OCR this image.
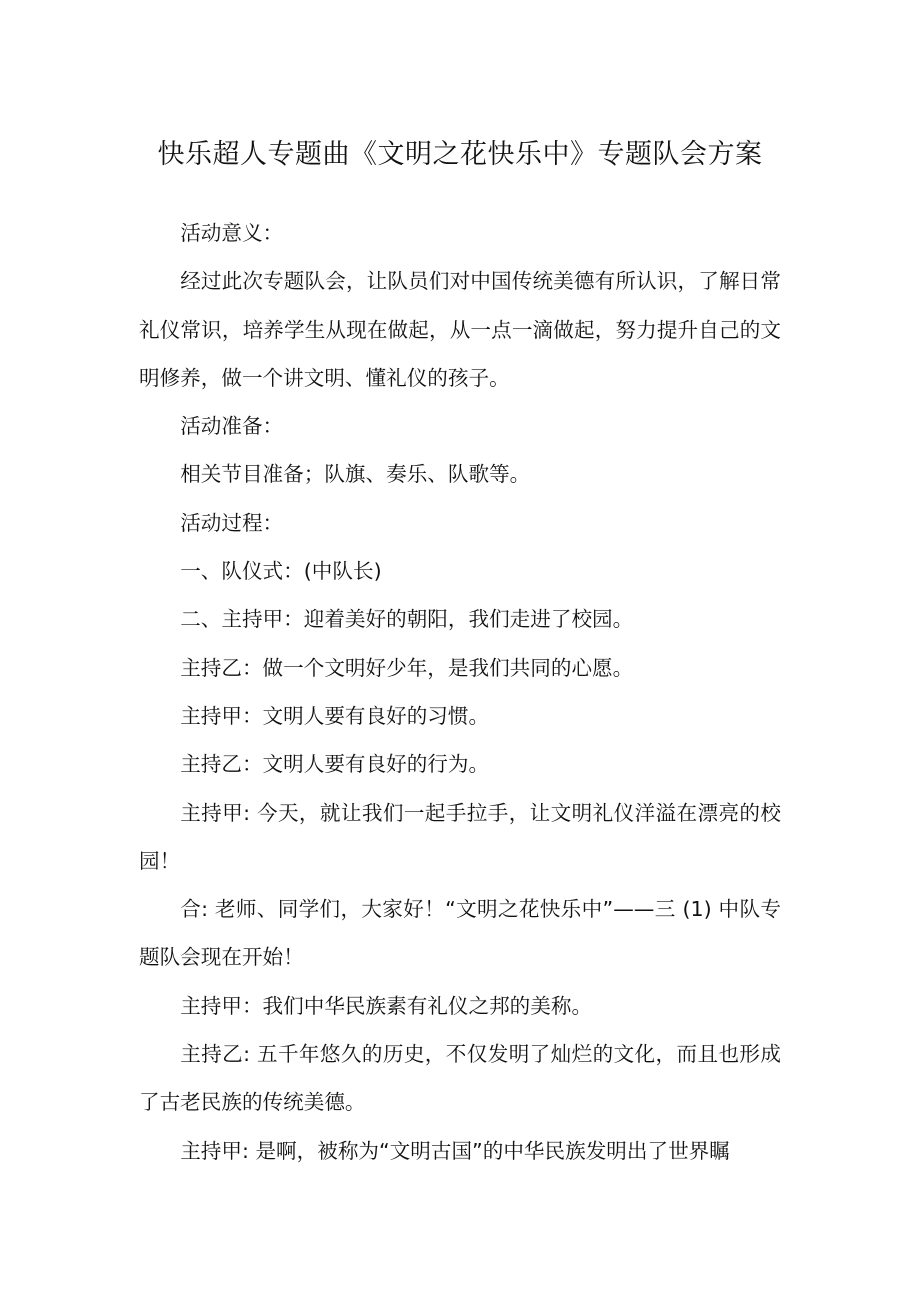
快乐超人专题曲《文明之花快乐中》专题队会方案

活动意义：

经过此次专题队会，让队员们对中国传统美德有所认识，了解日常礼仪常识，培养学生从现在做起，从一点一滴做起，努力提升自己的文明修养，做一个讲文明、懂礼仪的孩子。

活动准备：

相关节目准备；队旗、奏乐、队歌等。

活动过程：

一、队仪式：(中队长)

二、主持甲：迎着美好的朝阳，我们走进了校园。

主持乙：做一个文明好少年，是我们共同的心愿。

主持甲：文明人要有良好的习惯。

主持乙：文明人要有良好的行为。

主持甲: 今天，就让我们一起手拉手，让文明礼仪洋溢在漂亮的校园！

合: 老师、同学们，大家好！“文明之花快乐中”——三 (1) 中队专题队会现在开始！

主持甲：我们中华民族素有礼仪之邦的美称。

主持乙: 五千年悠久的历史，不仅发明了灿烂的文化，而且也形成了古老民族的传统美德。

主持甲: 是啊，被称为“文明古国”的中华民族发明出了世界瞩
